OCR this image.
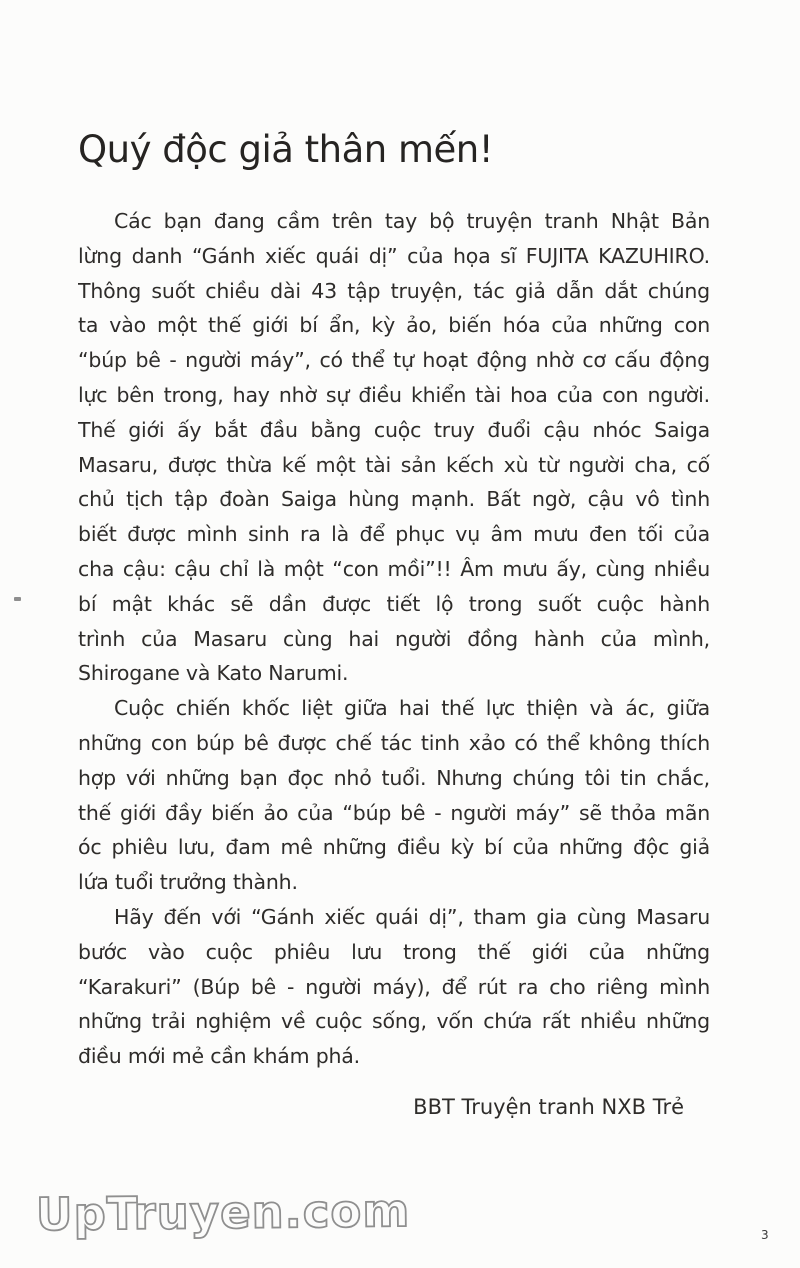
Quý độc giả thân mến!
Các bạn đang cầm trên tay bộ truyện tranh Nhật Bản
lừng danh “Gánh xiếc quái dị” của họa sĩ FUJITA KAZUHIRO.
Thông suốt chiều dài 43 tập truyện, tác giả dẫn dắt chúng
ta vào một thế giới bí ẩn, kỳ ảo, biến hóa của những con
“búp bê - người máy”, có thể tự hoạt động nhờ cơ cấu động
lực bên trong, hay nhờ sự điều khiển tài hoa của con người.
Thế giới ấy bắt đầu bằng cuộc truy đuổi cậu nhóc Saiga
Masaru, được thừa kế một tài sản kếch xù từ người cha, cố
chủ tịch tập đoàn Saiga hùng mạnh. Bất ngờ, cậu vô tình
biết được mình sinh ra là để phục vụ âm mưu đen tối của
cha cậu: cậu chỉ là một “con mồi”!! Âm mưu ấy, cùng nhiều
bí mật khác sẽ dần được tiết lộ trong suốt cuộc hành
trình của Masaru cùng hai người đồng hành của mình,
Shirogane và Kato Narumi.
Cuộc chiến khốc liệt giữa hai thế lực thiện và ác, giữa
những con búp bê được chế tác tinh xảo có thể không thích
hợp với những bạn đọc nhỏ tuổi. Nhưng chúng tôi tin chắc,
thế giới đầy biến ảo của “búp bê - người máy” sẽ thỏa mãn
óc phiêu lưu, đam mê những điều kỳ bí của những độc giả
lứa tuổi trưởng thành.
Hãy đến với “Gánh xiếc quái dị”, tham gia cùng Masaru
bước vào cuộc phiêu lưu trong thế giới của những
“Karakuri” (Búp bê - người máy), để rút ra cho riêng mình
những trải nghiệm về cuộc sống, vốn chứa rất nhiều những
điều mới mẻ cần khám phá.
BBT Truyện tranh NXB Trẻ
UpTruyen.com	3
